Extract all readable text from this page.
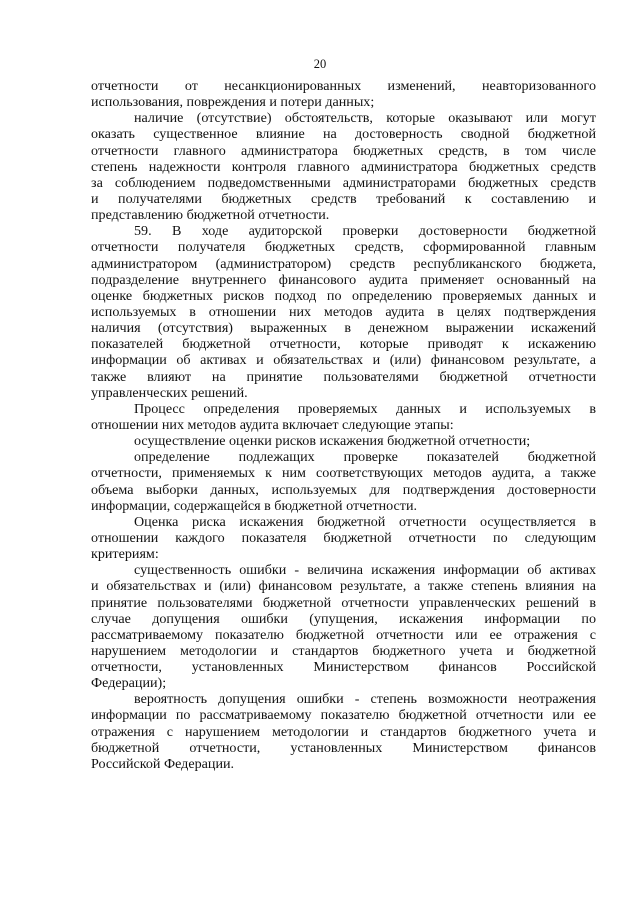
20
отчетности от несанкционированных изменений, неавторизованного
использования, повреждения и потери данных;
наличие (отсутствие) обстоятельств, которые оказывают или могут
оказать существенное влияние на достоверность сводной бюджетной
отчетности главного администратора бюджетных средств, в том числе
степень надежности контроля главного администратора бюджетных средств
за соблюдением подведомственными администраторами бюджетных средств
и получателями бюджетных средств требований к составлению и
представлению бюджетной отчетности.
59. В ходе аудиторской проверки достоверности бюджетной
отчетности получателя бюджетных средств, сформированной главным
администратором (администратором) средств республиканского бюджета,
подразделение внутреннего финансового аудита применяет основанный на
оценке бюджетных рисков подход по определению проверяемых данных и
используемых в отношении них методов аудита в целях подтверждения
наличия (отсутствия) выраженных в денежном выражении искажений
показателей бюджетной отчетности, которые приводят к искажению
информации об активах и обязательствах и (или) финансовом результате, а
также влияют на принятие пользователями бюджетной отчетности
управленческих решений.
Процесс определения проверяемых данных и используемых в
отношении них методов аудита включает следующие этапы:
осуществление оценки рисков искажения бюджетной отчетности;
определение подлежащих проверке показателей бюджетной
отчетности, применяемых к ним соответствующих методов аудита, а также
объема выборки данных, используемых для подтверждения достоверности
информации, содержащейся в бюджетной отчетности.
Оценка риска искажения бюджетной отчетности осуществляется в
отношении каждого показателя бюджетной отчетности по следующим
критериям:
существенность ошибки - величина искажения информации об активах
и обязательствах и (или) финансовом результате, а также степень влияния на
принятие пользователями бюджетной отчетности управленческих решений в
случае допущения ошибки (упущения, искажения информации по
рассматриваемому показателю бюджетной отчетности или ее отражения с
нарушением методологии и стандартов бюджетного учета и бюджетной
отчетности, установленных Министерством финансов Российской
Федерации);
вероятность допущения ошибки - степень возможности неотражения
информации по рассматриваемому показателю бюджетной отчетности или ее
отражения с нарушением методологии и стандартов бюджетного учета и
бюджетной отчетности, установленных Министерством финансов
Российской Федерации.
